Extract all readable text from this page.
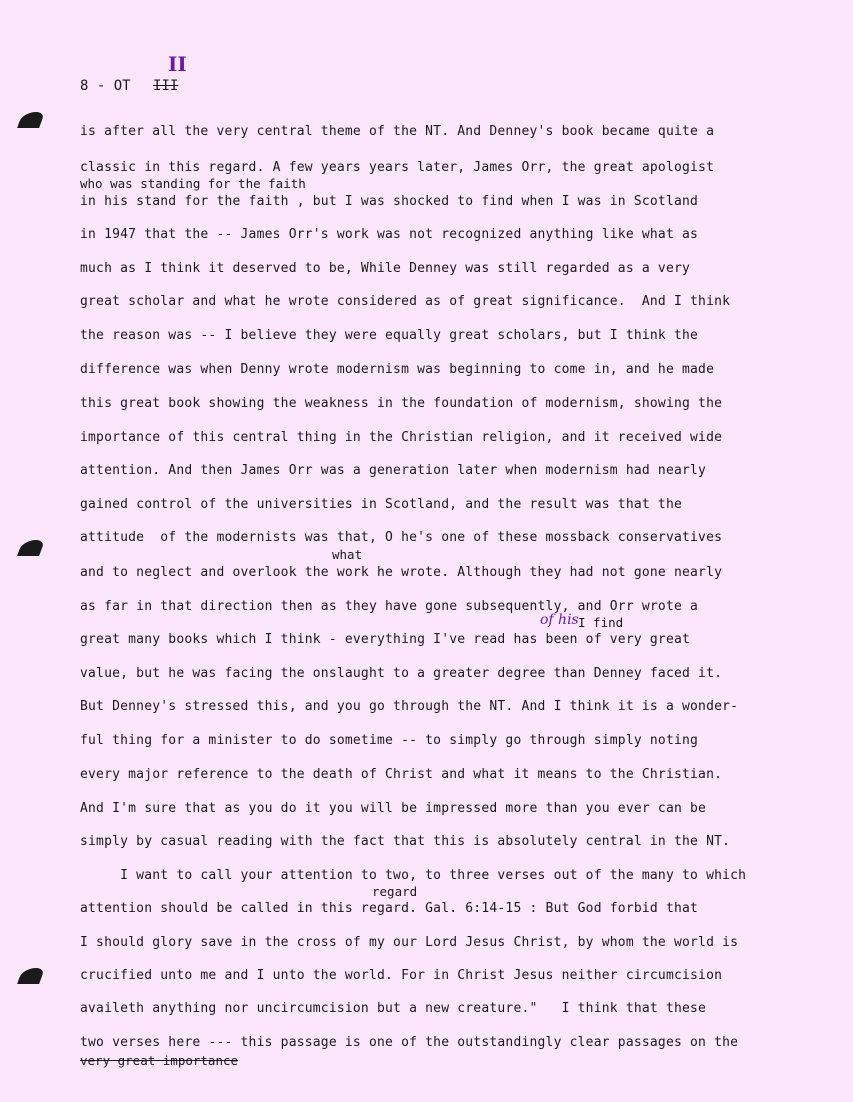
8 - OT III
II
is after all the very central theme of the NT. And Denney's book became quite a
classic in this regard. A few years years later, James Orr, the great apologist
who was standing for the faith
in his stand for the faith , but I was shocked to find when I was in Scotland
in 1947 that the -- James Orr's work was not recognized anything like what as
much as I think it deserved to be, While Denney was still regarded as a very
great scholar and what he wrote considered as of great significance.  And I think
the reason was -- I believe they were equally great scholars, but I think the
difference was when Denny wrote modernism was beginning to come in, and he made
this great book showing the weakness in the foundation of modernism, showing the
importance of this central thing in the Christian religion, and it received wide
attention. And then James Orr was a generation later when modernism had nearly
gained control of the universities in Scotland, and the result was that the
attitude  of the modernists was that, O he's one of these mossback conservatives
what
and to neglect and overlook the work he wrote. Although they had not gone nearly
as far in that direction then as they have gone subsequently, and Orr wrote a
of his I find
great many books which I think - everything I've read has been of very great
value, but he was facing the onslaught to a greater degree than Denney faced it.
But Denney's stressed this, and you go through the NT. And I think it is a wonder-
ful thing for a minister to do sometime -- to simply go through simply noting
every major reference to the death of Christ and what it means to the Christian.
And I'm sure that as you do it you will be impressed more than you ever can be
simply by casual reading with the fact that this is absolutely central in the NT.
I want to call your attention to two, to three verses out of the many to which
regard
attention should be called in this regard. Gal. 6:14-15 : But God forbid that
I should glory save in the cross of my our Lord Jesus Christ, by whom the world is
crucified unto me and I unto the world. For in Christ Jesus neither circumcision
availeth anything nor uncircumcision but a new creature."   I think that these
two verses here --- this passage is one of the outstandingly clear passages on the
very great importance
